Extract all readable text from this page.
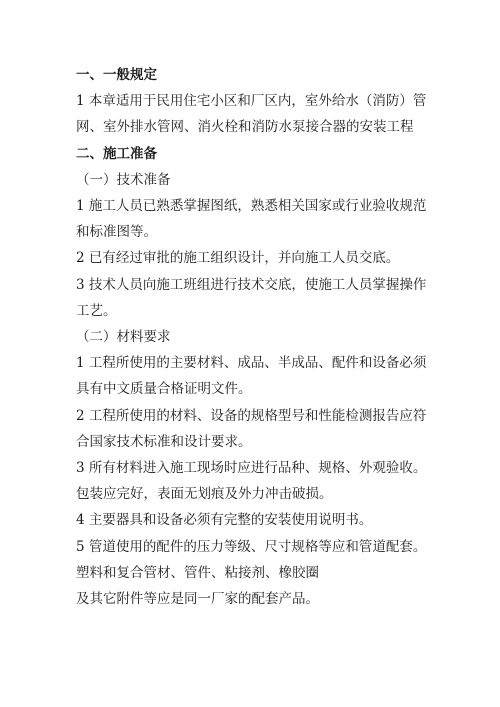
一、一般规定

1 本章适用于民用住宅小区和厂区内，室外给水（消防）管

网、室外排水管网、消火栓和消防水泵接合器的安装工程

二、施工准备

（一）技术准备

1 施工人员已熟悉掌握图纸，熟悉相关国家或行业验收规范

和标准图等。

2 已有经过审批的施工组织设计，并向施工人员交底。

3 技术人员向施工班组进行技术交底，使施工人员掌握操作

工艺。

（二）材料要求

1 工程所使用的主要材料、成品、半成品、配件和设备必须

具有中文质量合格证明文件。

2 工程所使用的材料、设备的规格型号和性能检测报告应符

合国家技术标准和设计要求。

3 所有材料进入施工现场时应进行品种、规格、外观验收。

包装应完好，表面无划痕及外力冲击破损。

4 主要器具和设备必须有完整的安装使用说明书。

5 管道使用的配件的压力等级、尺寸规格等应和管道配套。

塑料和复合管材、管件、粘接剂、橡胶圈

及其它附件等应是同一厂家的配套产品。
